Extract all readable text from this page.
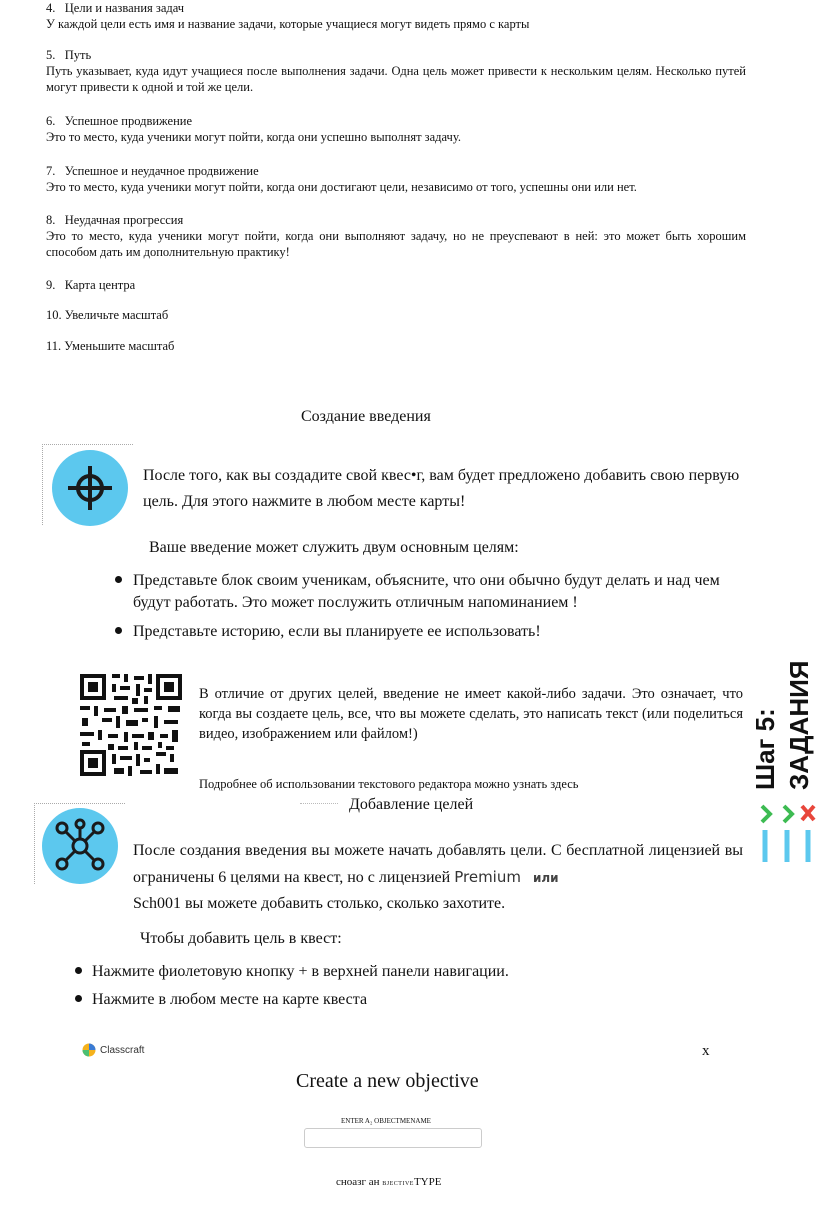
4. Цели и названия задач
У каждой цели есть имя и название задачи, которые учащиеся могут видеть прямо с карты
5. Путь
Путь указывает, куда идут учащиеся после выполнения задачи. Одна цель может привести к нескольким целям. Несколько путей могут привести к одной и той же цели.
6. Успешное продвижение
Это то место, куда ученики могут пойти, когда они успешно выполнят задачу.
7. Успешное и неудачное продвижение
Это то место, куда ученики могут пойти, когда они достигают цели, независимо от того, успешны они или нет.
8. Неудачная прогрессия
Это то место, куда ученики могут пойти, когда они выполняют задачу, но не преуспевают в ней: это может быть хорошим способом дать им дополнительную практику!
9. Карта центра
10. Увеличьте масштаб
11. Уменьшите масштаб
Создание введения
После того, как вы создадите свой квес•г, вам будет предложено добавить свою первую цель. Для этого нажмите в любом месте карты!
Ваше введение может служить двум основным целям:
Представьте блок своим ученикам, объясните, что они обычно будут делать и над чем будут работать. Это может послужить отличным напоминанием !
Представьте историю, если вы планируете ее использовать!
В отличие от других целей, введение не имеет какой-либо задачи. Это означает, что когда вы создаете цель, все, что вы можете сделать, это написать текст (или поделиться видео, изображением или файлом!)
Подробнее об использовании текстового редактора можно узнать здесь	Шаг 5: ЗАДАНИЯ
Добавление целей
После создания введения вы можете начать добавлять цели. С бесплатной лицензией вы ограничены 6 целями на квест, но с лицензией Premium или
Sch001 вы можете добавить столько, сколько захотите.
Чтобы добавить цель в квест:
Нажмите фиолетовую кнопку + в верхней панели навигации.
Нажмите в любом месте на карте квеста
Classcraft	x
Create a new objective
ENTER A₂ OBJECTMENAME
сноазг ан ВJECTIVETYPE
